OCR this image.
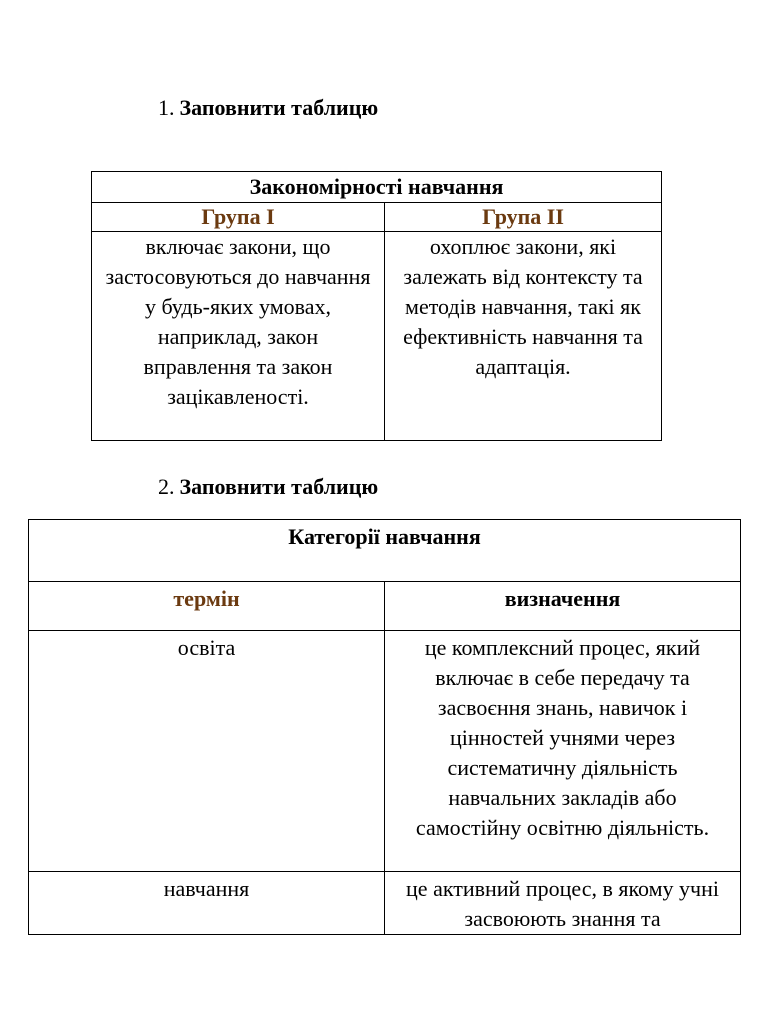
1. Заповнити таблицю
Закономірності навчання	
Група I	Група II
включає закони, що застосовуються до навчання у будь-яких умовах, наприклад, закон вправлення та закон зацікавленості.	охоплює закони, які залежать від контексту та методів навчання, такі як ефективність навчання та адаптація.
2. Заповнити таблицю
Категорії навчання	
термін	визначення
освіта	це комплексний процес, який включає в себе передачу та засвоєння знань, навичок і цінностей учнями через систематичну діяльність навчальних закладів або самостійну освітню діяльність.
навчання	це активний процес, в якому учні засвоюють знання та
